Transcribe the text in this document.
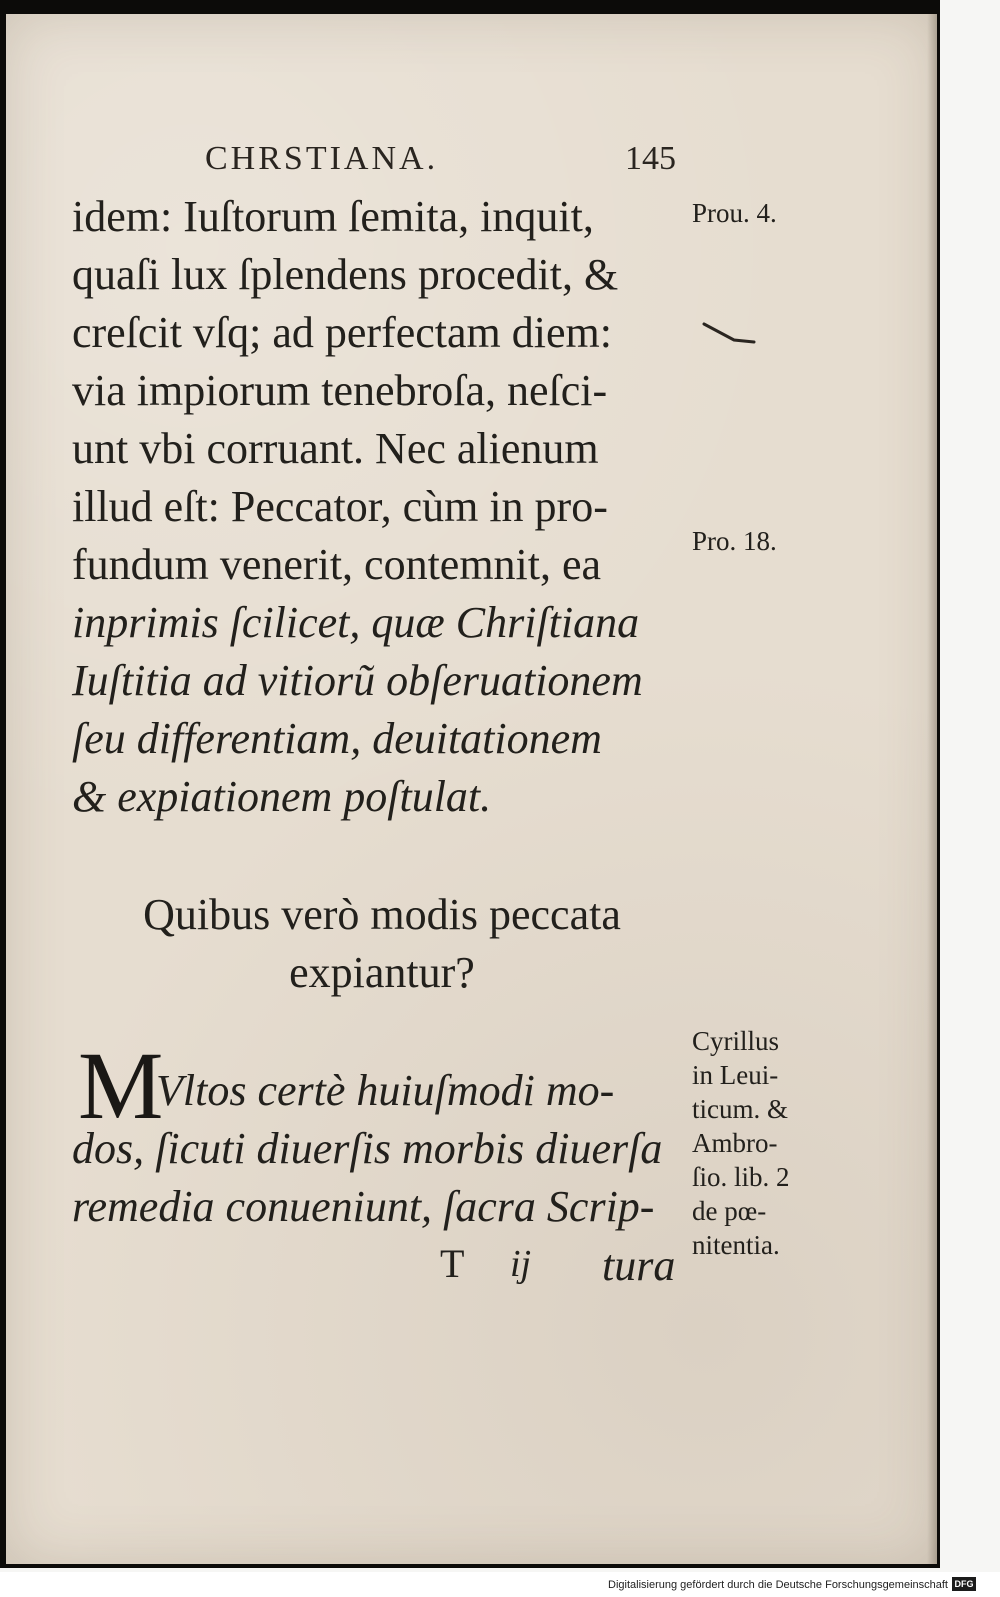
CHRSTIANA.	145
idem: Iuſtorum ſemita, inquit,
quaſi lux ſplendens procedit, &
creſcit vſq; ad perfectam diem:
via impiorum tenebroſa, neſci-
unt vbi corruant. Nec alienum
illud eſt: Peccator, cùm in pro-
fundum venerit, contemnit, ea
inprimis ſcilicet, quæ Chriſtiana
Iuſtitia ad vitiorũ obſeruationem
ſeu differentiam, deuitationem
& expiationem poſtulat.
Quibus verò modis peccata
expiantur?
M
Vltos certè huiuſmodi mo-
dos, ſicuti diuerſis morbis diuerſa
remedia conueniunt, ſacra Scrip-
T ij tura
Prou. 4.
Pro. 18.
Cyrillus
in Leui-
ticum. &
Ambro-
ſio. lib. 2
de pœ-
nitentia.
Digitalisierung gefördert durch die Deutsche Forschungsgemeinschaft DFG
